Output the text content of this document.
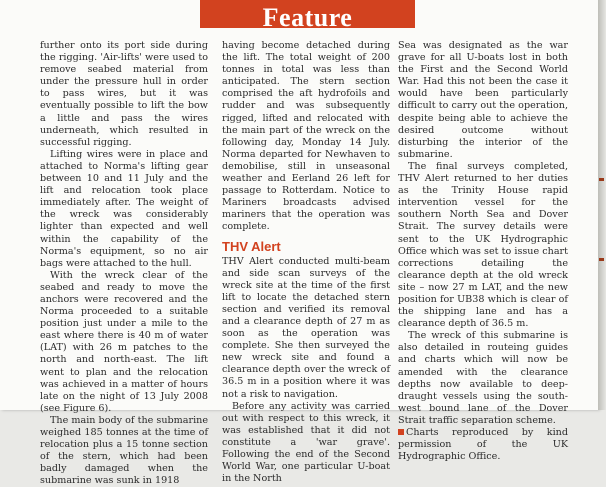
Feature

further onto its port side during the rigging. 'Air-lifts' were used to remove seabed material from under the pressure hull in order to pass wires, but it was eventually possible to lift the bow a little and pass the wires underneath, which resulted in successful rigging.

Lifting wires were in place and attached to Norma's lifting gear between 10 and 11 July and the lift and relocation took place immediately after. The weight of the wreck was considerably lighter than expected and well within the capability of the Norma's equipment, so no air bags were attached to the hull.

With the wreck clear of the seabed and ready to move the anchors were recovered and the Norma proceeded to a suitable position just under a mile to the east where there is 40 m of water (LAT) with 26 m patches to the north and north-east. The lift went to plan and the relocation was achieved in a matter of hours late on the night of 13 July 2008 (see Figure 6).

The main body of the submarine weighed 185 tonnes at the time of relocation plus a 15 tonne section of the stern, which had been badly damaged when the submarine was sunk in 1918

having become detached during the lift. The total weight of 200 tonnes in total was less than anticipated. The stern section comprised the aft hydrofoils and rudder and was subsequently rigged, lifted and relocated with the main part of the wreck on the following day, Monday 14 July. Norma departed for Newhaven to demobilise, still in unseasonal weather and Eerland 26 left for passage to Rotterdam. Notice to Mariners broadcasts advised mariners that the operation was complete.

THV Alert

THV Alert conducted multi-beam and side scan surveys of the wreck site at the time of the first lift to locate the detached stern section and verified its removal and a clearance depth of 27 m as soon as the operation was complete. She then surveyed the new wreck site and found a clearance depth over the wreck of 36.5 m in a position where it was not a risk to navigation.

Before any activity was carried out with respect to this wreck, it was established that it did not constitute a 'war grave'. Following the end of the Second World War, one particular U-boat in the North

Sea was designated as the war grave for all U-boats lost in both the First and the Second World War. Had this not been the case it would have been particularly difficult to carry out the operation, despite being able to achieve the desired outcome without disturbing the interior of the submarine.

The final surveys completed, THV Alert returned to her duties as the Trinity House rapid intervention vessel for the southern North Sea and Dover Strait. The survey details were sent to the UK Hydrographic Office which was set to issue chart corrections detailing the clearance depth at the old wreck site – now 27 m LAT, and the new position for UB38 which is clear of the shipping lane and has a clearance depth of 36.5 m.

The wreck of this submarine is also detailed in routeing guides and charts which will now be amended with the clearance depths now available to deep-draught vessels using the south-west bound lane of the Dover Strait traffic separation scheme.

Charts reproduced by kind permission of the UK Hydrographic Office.
